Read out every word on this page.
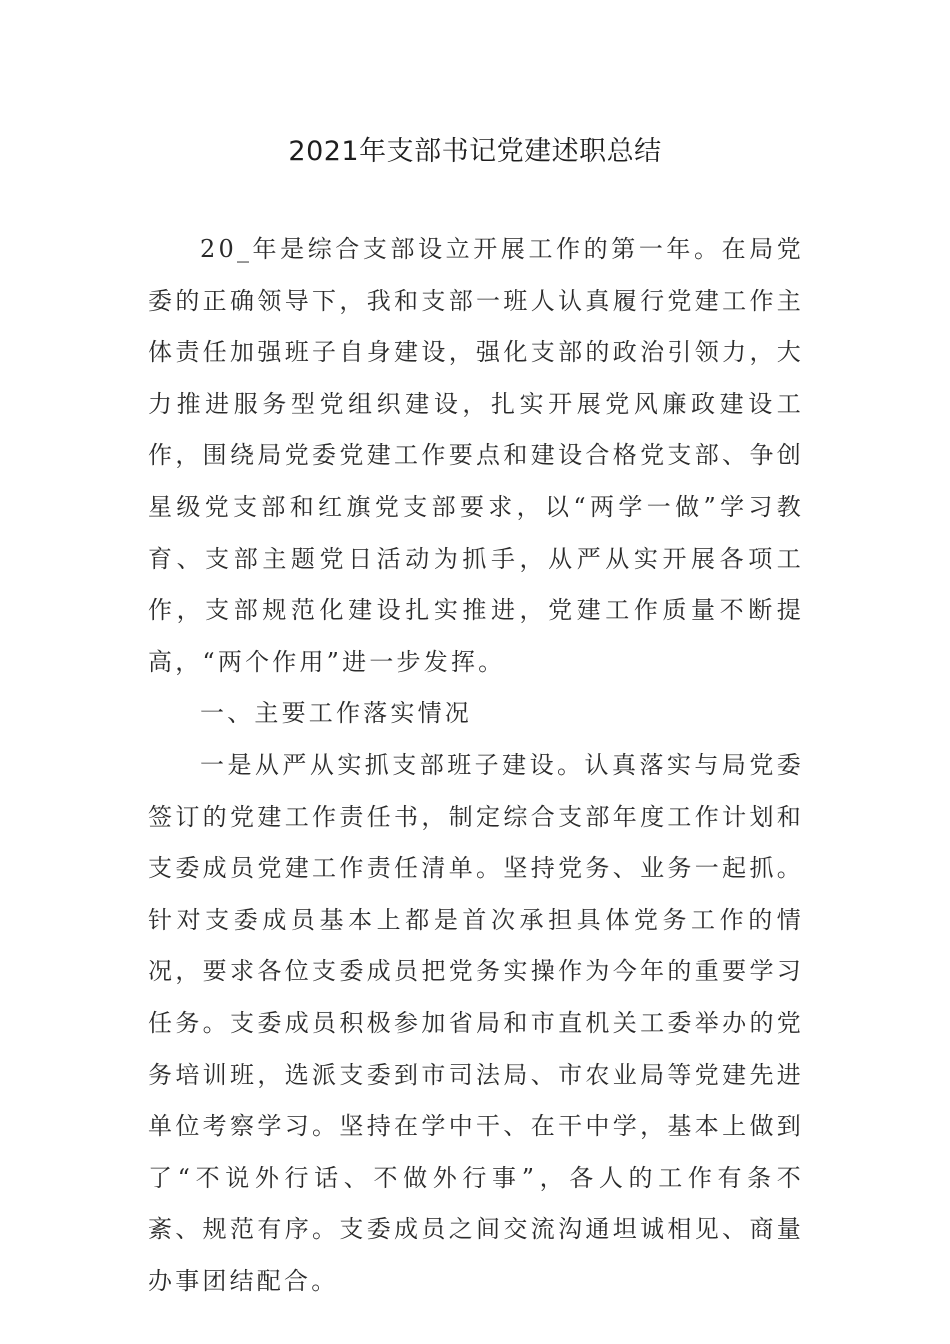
2021年支部书记党建述职总结

20_年是综合支部设立开展工作的第一年。在局党委的正确领导下，我和支部一班人认真履行党建工作主体责任加强班子自身建设，强化支部的政治引领力，大力推进服务型党组织建设，扎实开展党风廉政建设工作，围绕局党委党建工作要点和建设合格党支部、争创星级党支部和红旗党支部要求，以“两学一做”学习教育、支部主题党日活动为抓手，从严从实开展各项工作，支部规范化建设扎实推进，党建工作质量不断提高，“两个作用”进一步发挥。

一、主要工作落实情况

一是从严从实抓支部班子建设。认真落实与局党委签订的党建工作责任书，制定综合支部年度工作计划和支委成员党建工作责任清单。坚持党务、业务一起抓。针对支委成员基本上都是首次承担具体党务工作的情况，要求各位支委成员把党务实操作为今年的重要学习任务。支委成员积极参加省局和市直机关工委举办的党务培训班，选派支委到市司法局、市农业局等党建先进单位考察学习。坚持在学中干、在干中学，基本上做到了“不说外行话、不做外行事”，各人的工作有条不紊、规范有序。支委成员之间交流沟通坦诚相见、商量办事团结配合。
